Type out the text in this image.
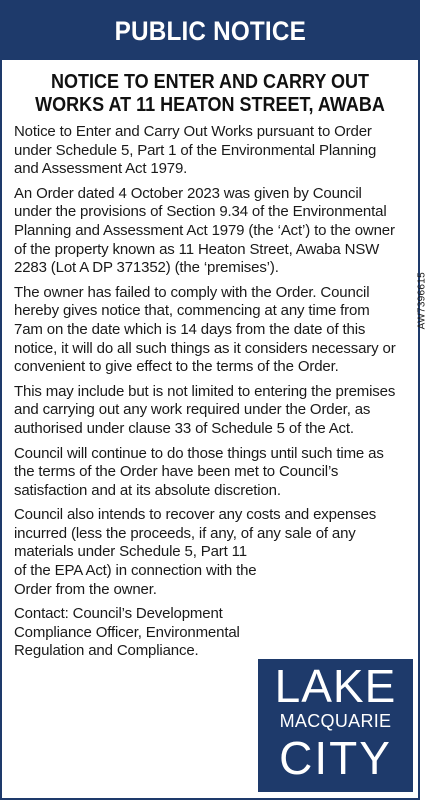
PUBLIC NOTICE
NOTICE TO ENTER AND CARRY OUT
WORKS AT 11 HEATON STREET, AWABA

Notice to Enter and Carry Out Works pursuant to Order under Schedule 5, Part 1 of the Environmental Planning and Assessment Act 1979.

An Order dated 4 October 2023 was given by Council under the provisions of Section 9.34 of the Environmental Planning and Assessment Act 1979 (the ‘Act’) to the owner of the property known as 11 Heaton Street, Awaba NSW 2283 (Lot A DP 371352) (the ‘premises’).

The owner has failed to comply with the Order. Council hereby gives notice that, commencing at any time from 7am on the date which is 14 days from the date of this notice, it will do all such things as it considers necessary or convenient to give effect to the terms of the Order.

This may include but is not limited to entering the premises and carrying out any work required under the Order, as authorised under clause 33 of Schedule 5 of the Act.

Council will continue to do those things until such time as the terms of the Order have been met to Council’s satisfaction and at its absolute discretion.

Council also intends to recover any costs and expenses incurred (less the proceeds, if any, of any sale of any

materials under Schedule 5, Part 11 of the EPA Act) in connection with the Order from the owner.

Contact: Council’s Development Compliance Officer, Environmental Regulation and Compliance.

AW7396615
LAKE
MACQUARIE
CITY
